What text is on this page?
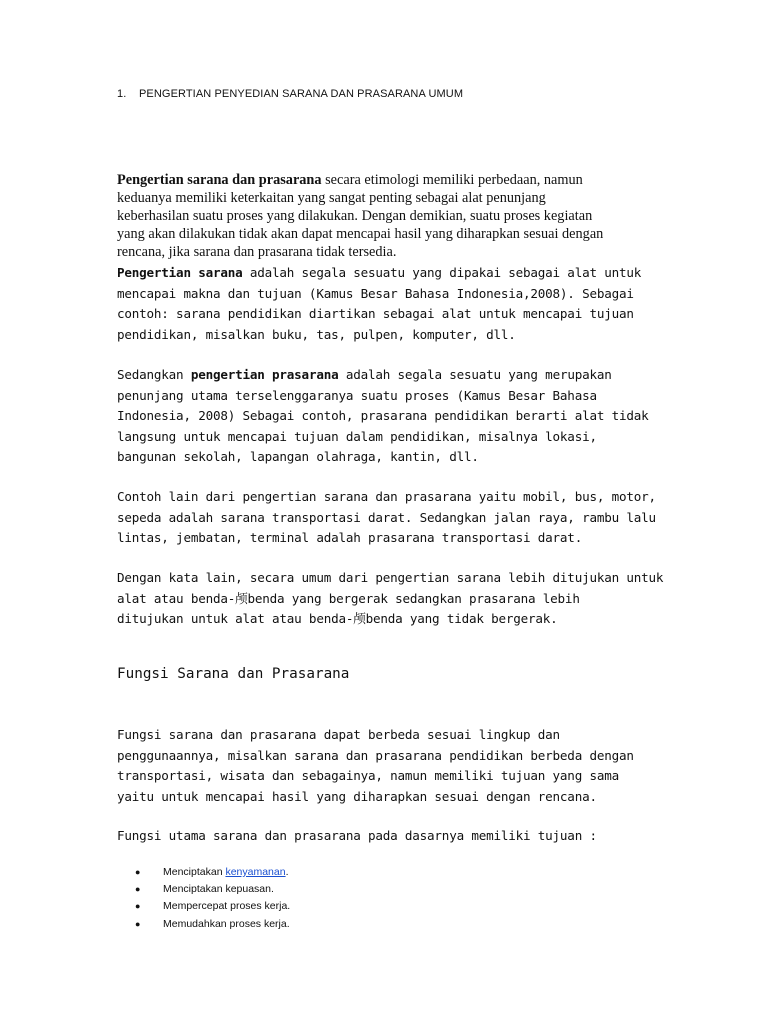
1. PENGERTIAN PENYEDIAN SARANA DAN PRASARANA UMUM
Pengertian sarana dan prasarana secara etimologi memiliki perbedaan, namun
keduanya memiliki keterkaitan yang sangat penting sebagai alat penunjang
keberhasilan suatu proses yang dilakukan. Dengan demikian, suatu proses kegiatan
yang akan dilakukan tidak akan dapat mencapai hasil yang diharapkan sesuai dengan
rencana, jika sarana dan prasarana tidak tersedia.
Pengertian sarana adalah segala sesuatu yang dipakai sebagai alat untuk
mencapai makna dan tujuan (Kamus Besar Bahasa Indonesia,2008). Sebagai
contoh: sarana pendidikan diartikan sebagai alat untuk mencapai tujuan
pendidikan, misalkan buku, tas, pulpen, komputer, dll.
Sedangkan pengertian prasarana adalah segala sesuatu yang merupakan
penunjang utama terselenggaranya suatu proses (Kamus Besar Bahasa
Indonesia, 2008) Sebagai contoh, prasarana pendidikan berarti alat tidak
langsung untuk mencapai tujuan dalam pendidikan, misalnya lokasi,
bangunan sekolah, lapangan olahraga, kantin, dll.
Contoh lain dari pengertian sarana dan prasarana yaitu mobil, bus, motor,
sepeda adalah sarana transportasi darat. Sedangkan jalan raya, rambu lalu
lintas, jembatan, terminal adalah prasarana transportasi darat.
Dengan kata lain, secara umum dari pengertian sarana lebih ditujukan untuk
alat atau benda-颅benda yang bergerak sedangkan prasarana lebih
ditujukan untuk alat atau benda-颅benda yang tidak bergerak.
Fungsi Sarana dan Prasarana
Fungsi sarana dan prasarana dapat berbeda sesuai lingkup dan
penggunaannya, misalkan sarana dan prasarana pendidikan berbeda dengan
transportasi, wisata dan sebagainya, namun memiliki tujuan yang sama
yaitu untuk mencapai hasil yang diharapkan sesuai dengan rencana.
Fungsi utama sarana dan prasarana pada dasarnya memiliki tujuan :
● Menciptakan kenyamanan.
● Menciptakan kepuasan.
● Mempercepat proses kerja.
● Memudahkan proses kerja.
